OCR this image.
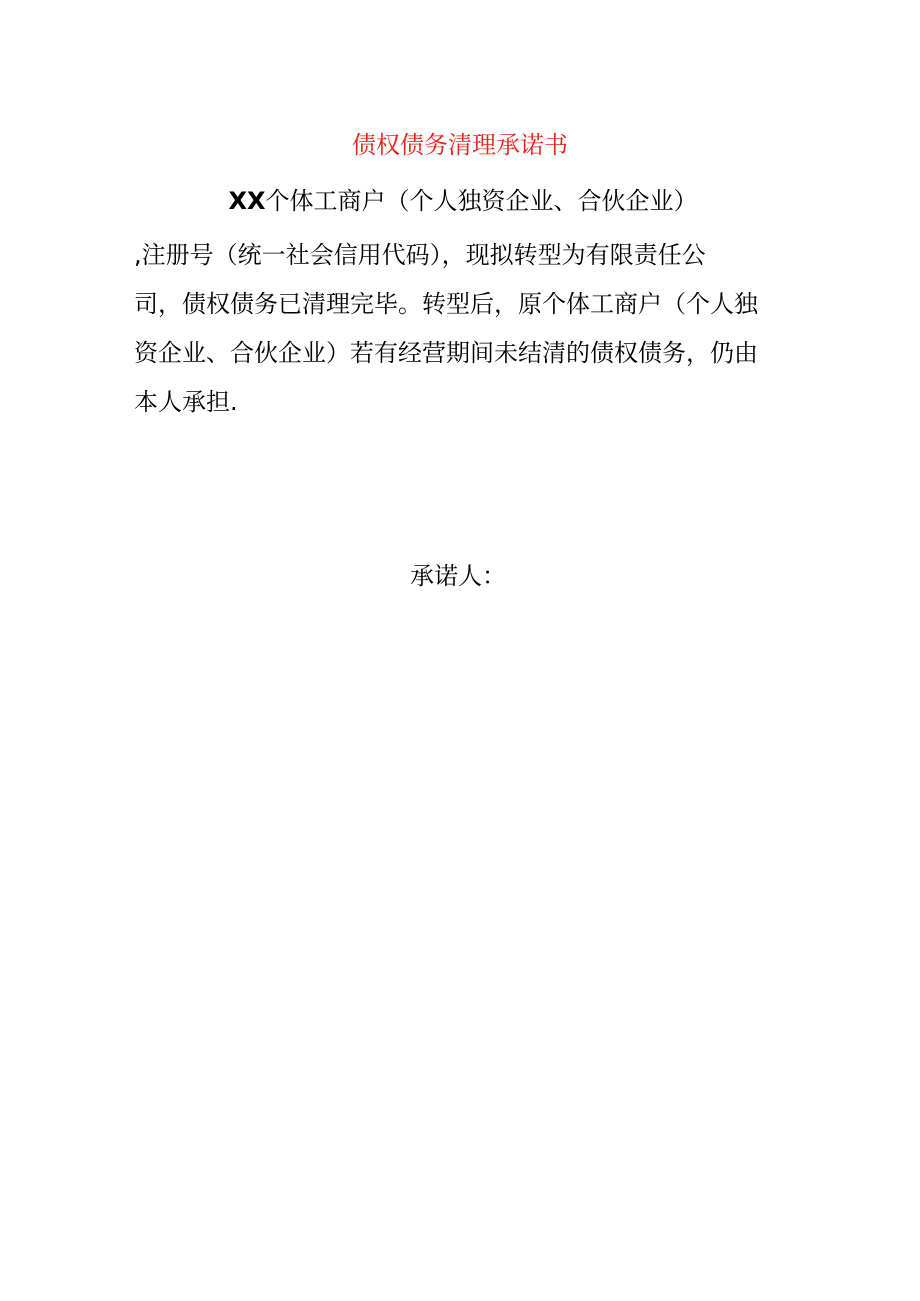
债权债务清理承诺书

XX个体工商户（个人独资企业、合伙企业）

,注册号（统一社会信用代码），现拟转型为有限责任公
司，债权债务已清理完毕。转型后，原个体工商户（个人独
资企业、合伙企业）若有经营期间未结清的债权债务，仍由
本人承担.

承诺人：
